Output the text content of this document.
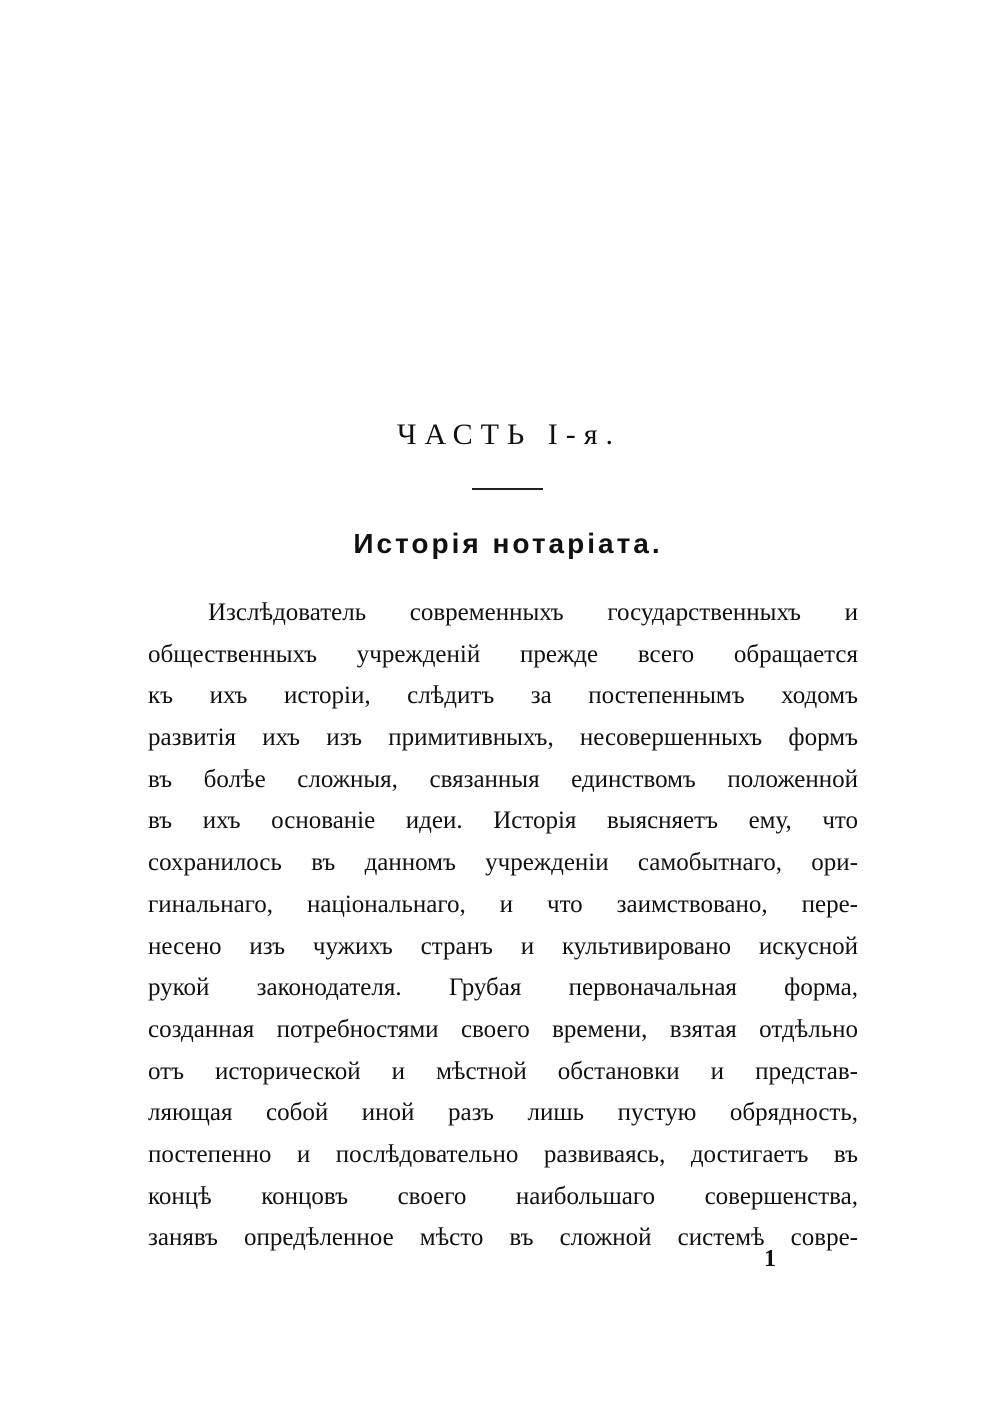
ЧАСТЬ I-я.
Исторія нотаріата.
Изслѣдователь современныхъ государственныхъ и
общественныхъ учрежденій прежде всего обращается
къ ихъ исторіи, слѣдитъ за постепеннымъ ходомъ
развитія ихъ изъ примитивныхъ, несовершенныхъ формъ
въ болѣе сложныя, связанныя единствомъ положенной
въ ихъ основаніе идеи. Исторія выясняетъ ему, что
сохранилось въ данномъ учрежденіи самобытнаго, ори-
гинальнаго, національнаго, и что заимствовано, пере-
несено изъ чужихъ странъ и культивировано искусной
рукой законодателя. Грубая первоначальная форма,
созданная потребностями своего времени, взятая отдѣльно
отъ исторической и мѣстной обстановки и представ-
ляющая собой иной разъ лишь пустую обрядность,
постепенно и послѣдовательно развиваясь, достигаетъ въ
концѣ концовъ своего наибольшаго совершенства,
занявъ опредѣленное мѣсто въ сложной системѣ совре-
1
